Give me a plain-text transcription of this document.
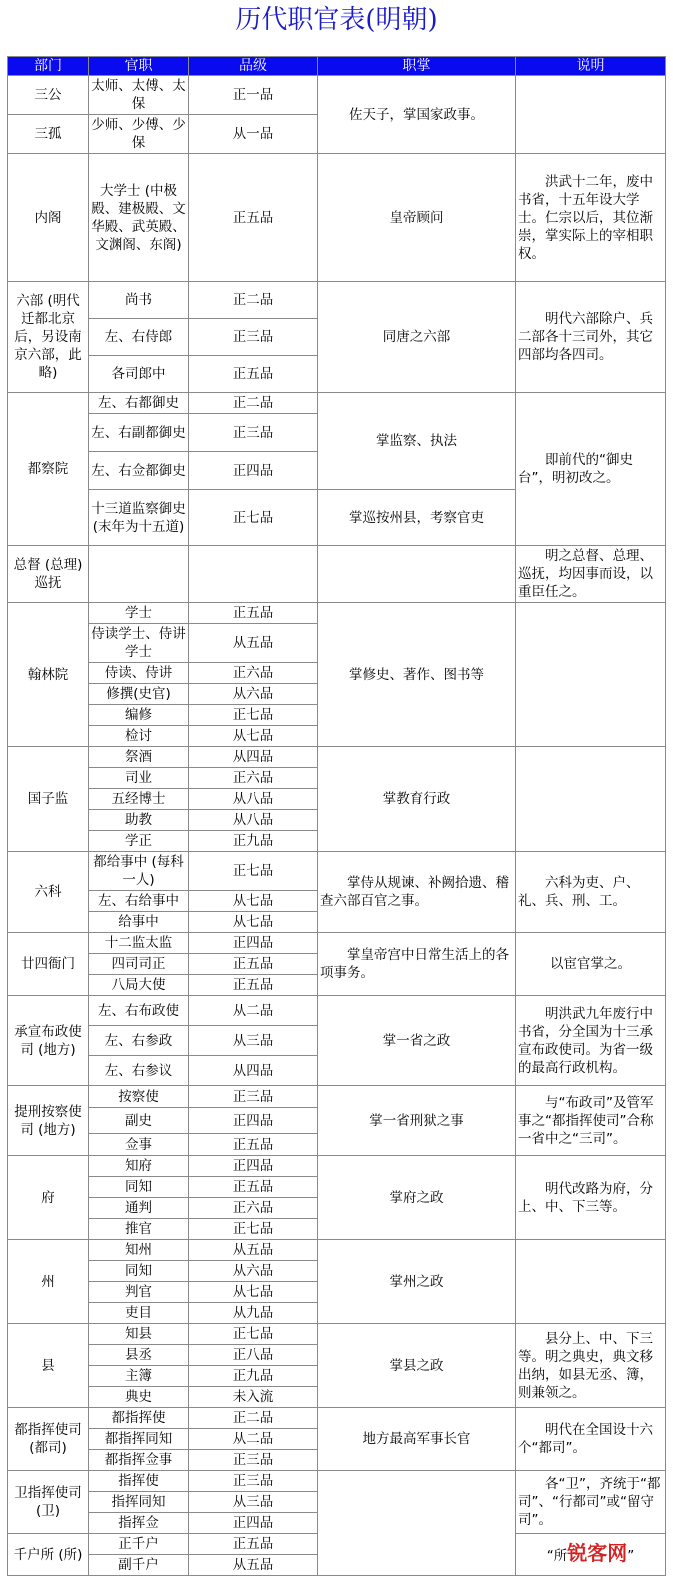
历代职官表(明朝)
部门	官职	品级	职掌	说明
三公	太师、太傅、太保	正一品	佐天子，掌国家政事。	
三孤	少师、少傅、少保	从一品		
内阁	大学士 (中极殿、建极殿、文华殿、武英殿、文渊阁、东阁)	正五品	皇帝顾问	洪武十二年，废中书省，十五年设大学士。仁宗以后，其位渐崇，掌实际上的宰相职权。
六部 (明代迁都北京后，另设南京六部，此略)	尚书	正二品	同唐之六部	明代六部除户、兵二部各十三司外，其它四部均各四司。
	左、右侍郎	正三品		
	各司郎中	正五品		
都察院	左、右都御史	正二品	掌监察、执法	即前代的“御史台”，明初改之。
	左、右副都御史	正三品		
	左、右佥都御史	正四品		
	十三道监察御史(末年为十五道)	正七品	掌巡按州县，考察官吏	
总督 (总理) 巡抚				明之总督、总理、巡抚，均因事而设，以重臣任之。
翰林院	学士	正五品	掌修史、著作、图书等	
	侍读学士、侍讲学士	从五品		
	侍读、侍讲	正六品		
	修撰(史官)	从六品		
	编修	正七品		
	检讨	从七品		
国子监	祭酒	从四品	掌教育行政	
	司业	正六品		
	五经博士	从八品		
	助教	从八品		
	学正	正九品		
六科	都给事中 (每科一人)	正七品	掌侍从规谏、补阙拾遗、稽查六部百官之事。	六科为吏、户、礼、兵、刑、工。
	左、右给事中	从七品		
	给事中	从七品		
廿四衙门	十二监太监	正四品	掌皇帝宫中日常生活上的各项事务。	以宦官掌之。
	四司司正	正五品		
	八局大使	正五品		
承宣布政使司 (地方)	左、右布政使	从二品	掌一省之政	明洪武九年废行中书省，分全国为十三承宣布政使司。为省一级的最高行政机构。
	左、右参政	从三品		
	左、右参议	从四品		
提刑按察使司 (地方)	按察使	正三品	掌一省刑狱之事	与“布政司”及管军事之“都指挥使司”合称一省中之“三司”。
	副史	正四品		
	佥事	正五品		
府	知府	正四品	掌府之政	明代改路为府，分上、中、下三等。
	同知	正五品		
	通判	正六品		
	推官	正七品		
州	知州	从五品	掌州之政	
	同知	从六品		
	判官	从七品		
	吏目	从九品		
县	知县	正七品	掌县之政	县分上、中、下三等。明之典史，典文移出纳，如县无丞、簿，则兼领之。
	县丞	正八品		
	主簿	正九品		
	典史	未入流		
都指挥使司 (都司)	都指挥使	正二品	地方最高军事长官	明代在全国设十六个“都司”。
	都指挥同知	从二品		
	都指挥佥事	正三品		
卫指挥使司 (卫)	指挥使	正三品		各“卫”，齐统于“都司”、“行都司”或“留守司”。
	指挥同知	从三品		
	指挥佥	正四品		
千户所 (所)	正千户	正五品		“所锐客网”
	副千户	从五品		
